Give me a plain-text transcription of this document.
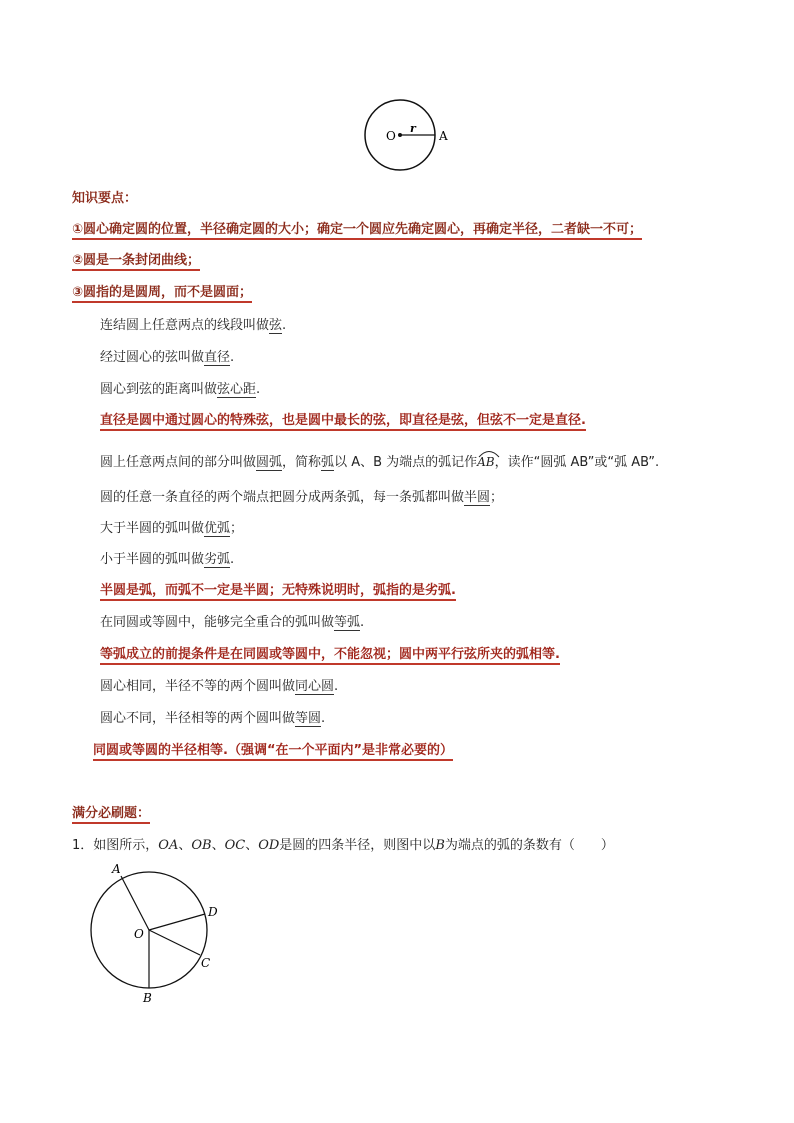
O
r
A
知识要点：
①圆心确定圆的位置，半径确定圆的大小；确定一个圆应先确定圆心，再确定半径，二者缺一不可；
②圆是一条封闭曲线；
③圆指的是圆周，而不是圆面；
连结圆上任意两点的线段叫做弦.
经过圆心的弦叫做直径.
圆心到弦的距离叫做弦心距.
直径是圆中通过圆心的特殊弦，也是圆中最长的弦，即直径是弦，但弦不一定是直径.
圆上任意两点间的部分叫做圆弧，简称弧以 A、B 为端点的弧记作
AB，读作“圆弧 AB”或“弧 AB”.
圆的任意一条直径的两个端点把圆分成两条弧，每一条弧都叫做半圆；
大于半圆的弧叫做优弧；
小于半圆的弧叫做劣弧.
半圆是弧，而弧不一定是半圆；无特殊说明时，弧指的是劣弧.
在同圆或等圆中，能够完全重合的弧叫做等弧.
等弧成立的前提条件是在同圆或等圆中，不能忽视；圆中两平行弦所夹的弧相等.
圆心相同，半径不等的两个圆叫做同心圆.
圆心不同，半径相等的两个圆叫做等圆.
同圆或等圆的半径相等.（强调“在一个平面内”是非常必要的）
满分必刷题：
1．如图所示，OA、OB、OC、OD是圆的四条半径，则图中以B为端点的弧的条数有（　　）
A
D
O
C
B
